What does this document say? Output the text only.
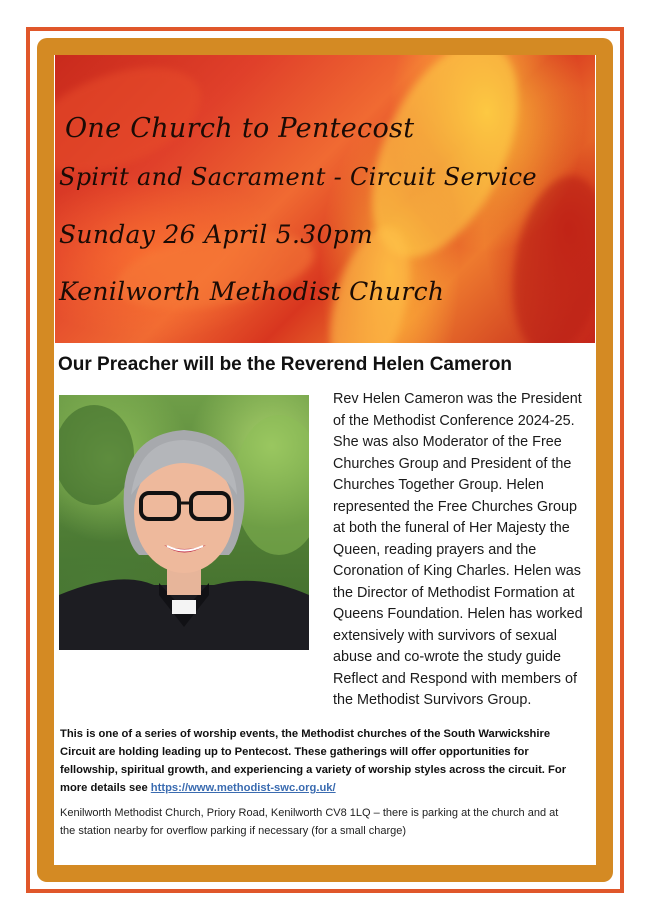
One Church to Pentecost
Spirit and Sacrament - Circuit Service
Sunday 26 April 5.30pm
Kenilworth Methodist Church
Our Preacher will be the Reverend Helen Cameron
Rev Helen Cameron was the President
of the Methodist Conference 2024-25.
She was also Moderator of the Free
Churches Group and President of the
Churches Together Group. Helen
represented the Free Churches Group
at both the funeral of Her Majesty the
Queen, reading prayers and the
Coronation of King Charles. Helen was
the Director of Methodist Formation at
Queens Foundation. Helen has worked
extensively with survivors of sexual
abuse and co-wrote the study guide
Reflect and Respond with members of
the Methodist Survivors Group.
This is one of a series of worship events, the Methodist churches of the South Warwickshire
Circuit are holding leading up to Pentecost. These gatherings will offer opportunities for
fellowship, spiritual growth, and experiencing a variety of worship styles across the circuit. For
more details see https://www.methodist-swc.org.uk/
Kenilworth Methodist Church, Priory Road, Kenilworth CV8 1LQ – there is parking at the church and at
the station nearby for overflow parking if necessary (for a small charge)
